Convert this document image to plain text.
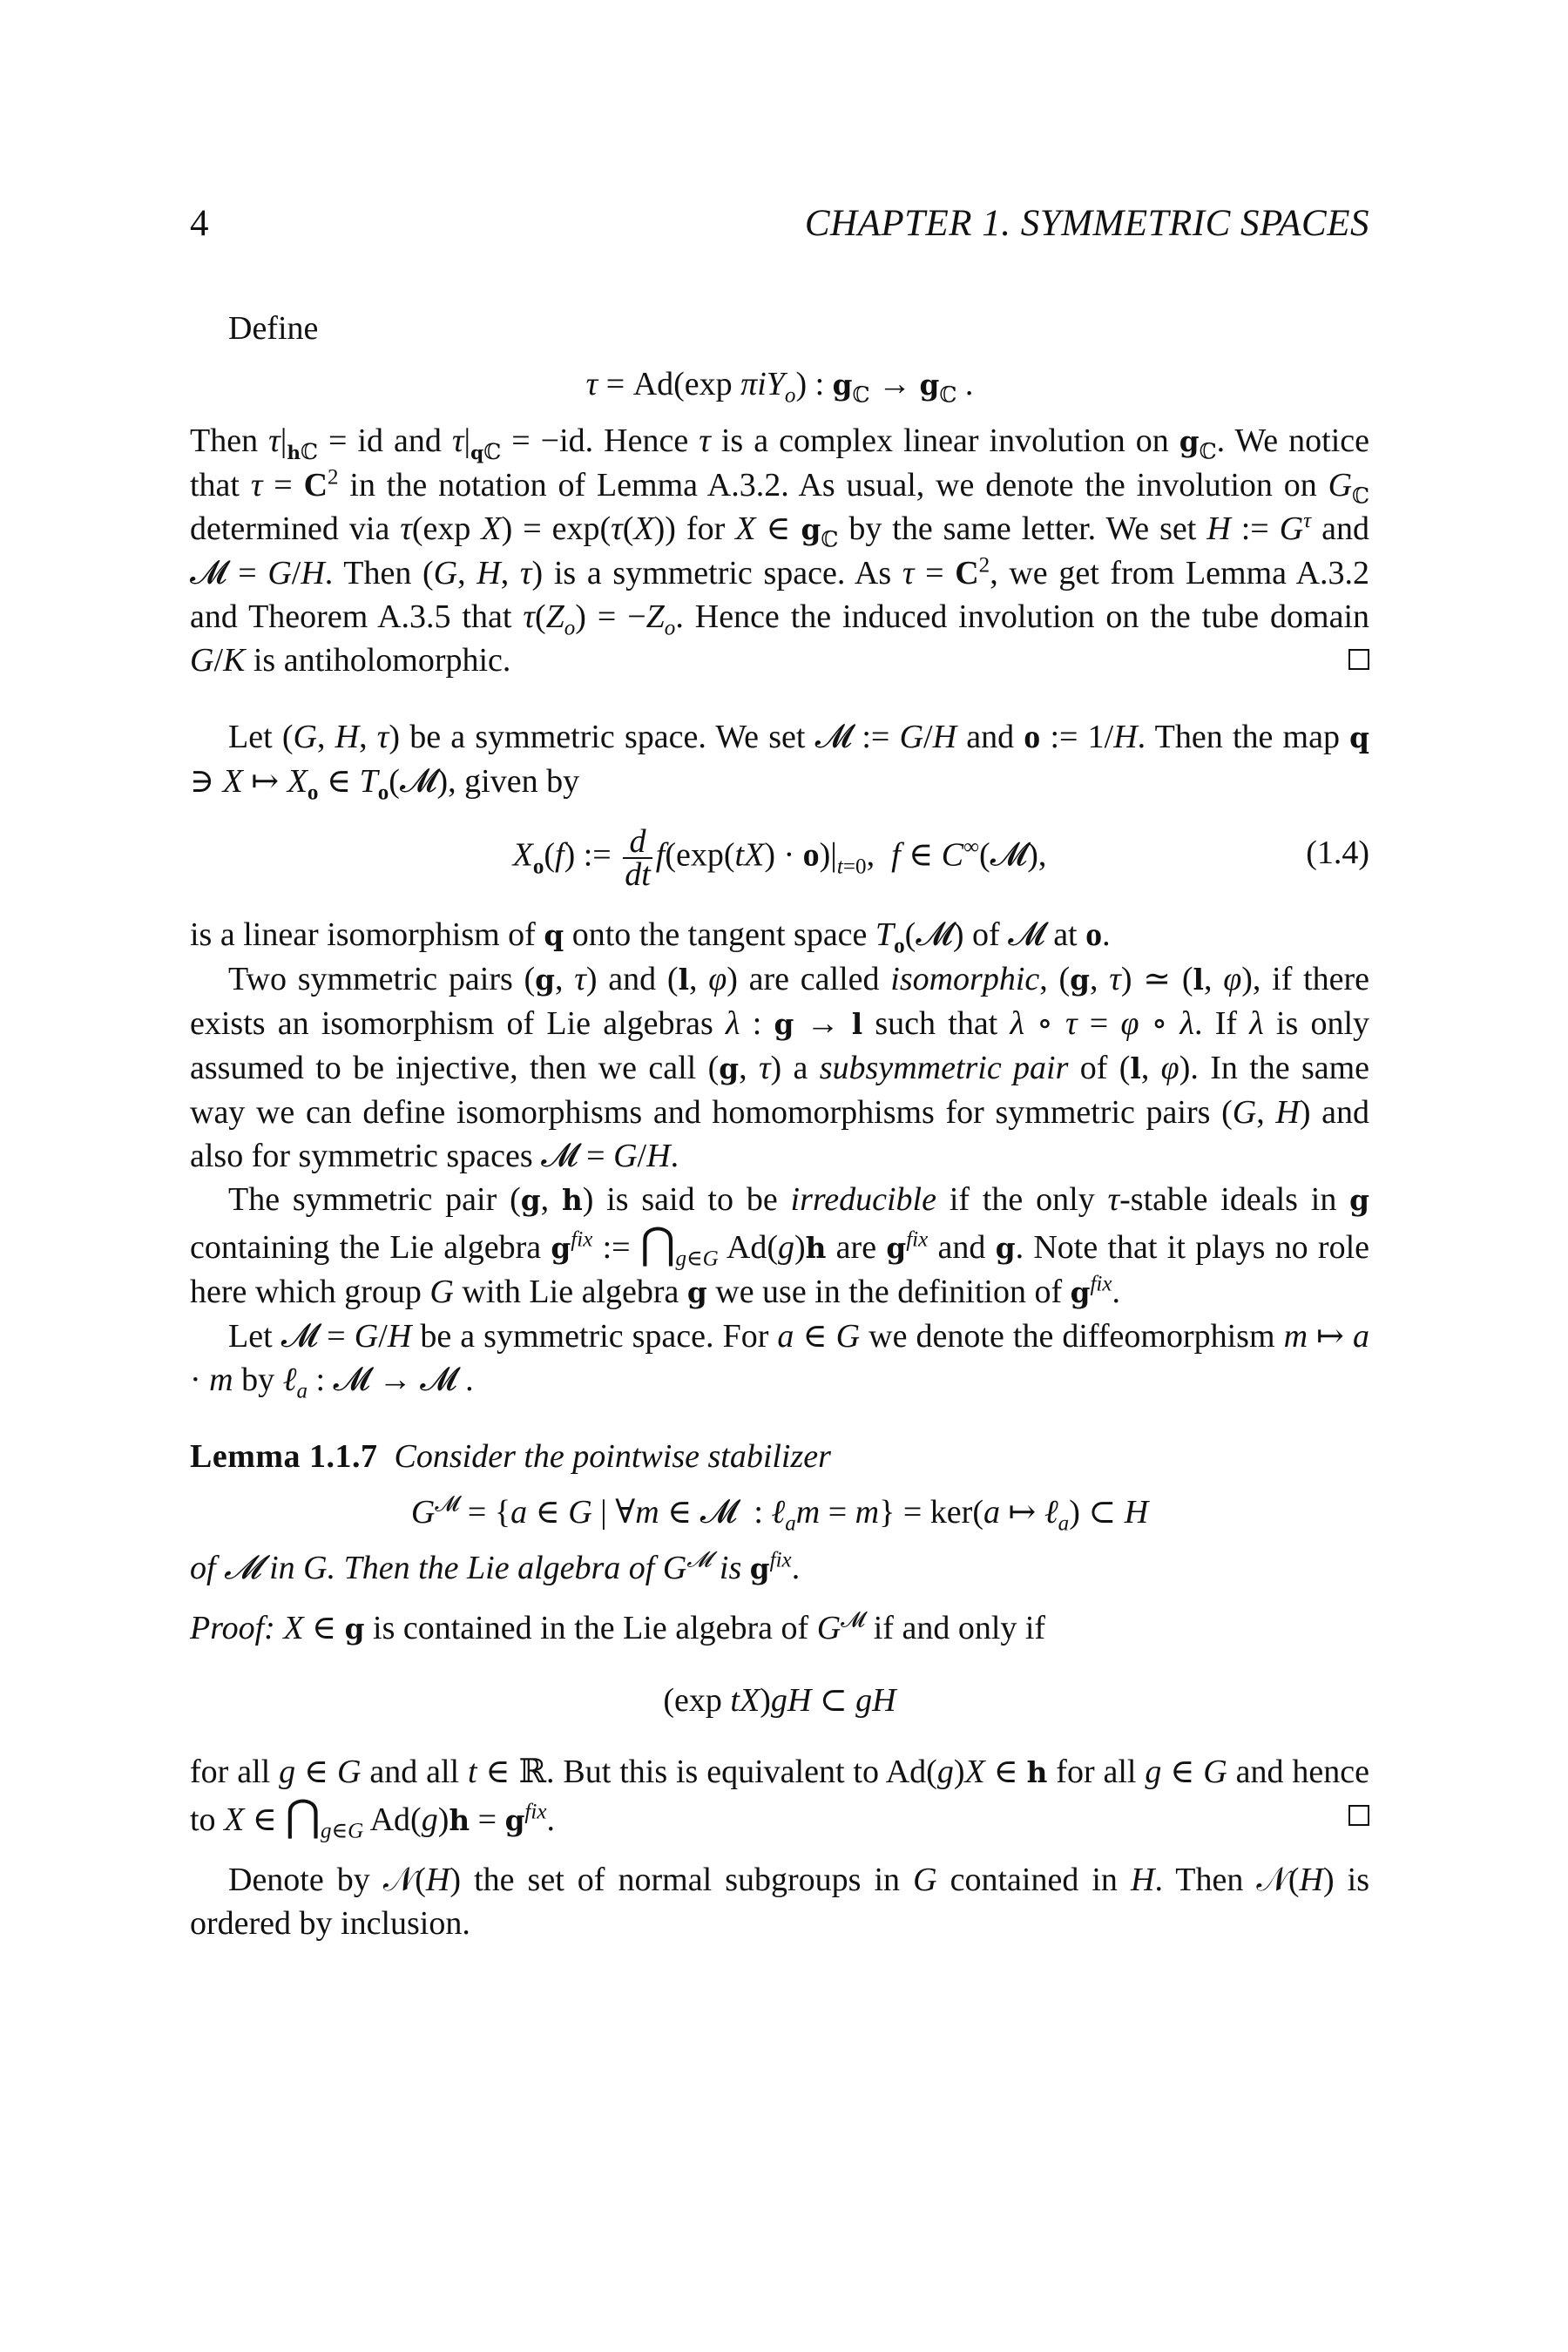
4	CHAPTER 1. SYMMETRIC SPACES

Define

τ = Ad(exp πiY$_o$) : $g_ℂ \to g_ℂ$ .

Then $\tau|_{hℂ}$ = id and $\tau|_{qℂ} = -id$. Hence τ is a complex linear involution on $g_ℂ$. We notice that $\tau = C^2$ in the notation of Lemma A.3.2. As usual, we denote the involution on $G_ℂ$ determined via τ(exp X) = exp(τ(X)) for X ∈ $g_ℂ$ by the same letter. We set H := $G^\tau$ and 𝓜 = G/H. Then (G, H, τ) is a symmetric space. As $\tau = C^2$, we get from Lemma A.3.2 and Theorem A.3.5 that $\tau(Z_o) = -Z_o$. Hence the induced involution on the tube domain G/K is antiholomorphic.

Let (G, H, τ) be a symmetric space. We set 𝓜 := G/H and o := 1/H. Then the map q ∋ X ↦ $X_o$ ∈ $T_o(𝓜)$, given by

$X_o(f)$ := $\frac{d}{dt} f(\exp(tX) \cdot o)|_{t=0}$,  f ∈ C∞(𝓜),	(1.4)

is a linear isomorphism of q onto the tangent space $T_o(𝓜)$ of 𝓜 at o.

Two symmetric pairs (g, τ) and (l, φ) are called isomorphic, (g, τ) ≃ (l, φ), if there exists an isomorphism of Lie algebras λ : g → l such that λ ∘ τ = φ ∘ λ. If λ is only assumed to be injective, then we call (g, τ) a subsymmetric pair of (l, φ). In the same way we can define isomorphisms and homomorphisms for symmetric pairs (G, H) and also for symmetric spaces 𝓜 = G/H.

The symmetric pair (g, h) is said to be irreducible if the only τ-stable ideals in g containing the Lie algebra $g^{fix}$ := $⋂_{g\in G}$ Ad(g)h are $g^{fix}$ and g. Note that it plays no role here which group G with Lie algebra g we use in the definition of $g^{fix}$.

Let 𝓜 = G/H be a symmetric space. For a ∈ G we denote the diffeomorphism m ↦ a · m by ℓ$_a$ : 𝓜 → 𝓜 .

Lemma 1.1.7 Consider the pointwise stabilizer

$G^𝓜 = \{a$ ∈ G | ∀m ∈ 𝓜  : ℓ$_a$m = m} = ker(a ↦ ℓ$_a$) ⊂ H

of 𝓜 in G. Then the Lie algebra of $G^𝓜$ is $g^{fix}$.

Proof: X ∈ g is contained in the Lie algebra of $G^𝓜$ if and only if

(exp tX)gH ⊂ gH

for all g ∈ G and all t ∈ ℝ. But this is equivalent to Ad(g)X ∈ h for all g ∈ G and hence to X ∈ $⋂_{g\in G}$ $Ad(g)h = g^{fix}$.

Denote by 𝒩(H) the set of normal subgroups in G contained in H. Then 𝒩(H) is ordered by inclusion.
